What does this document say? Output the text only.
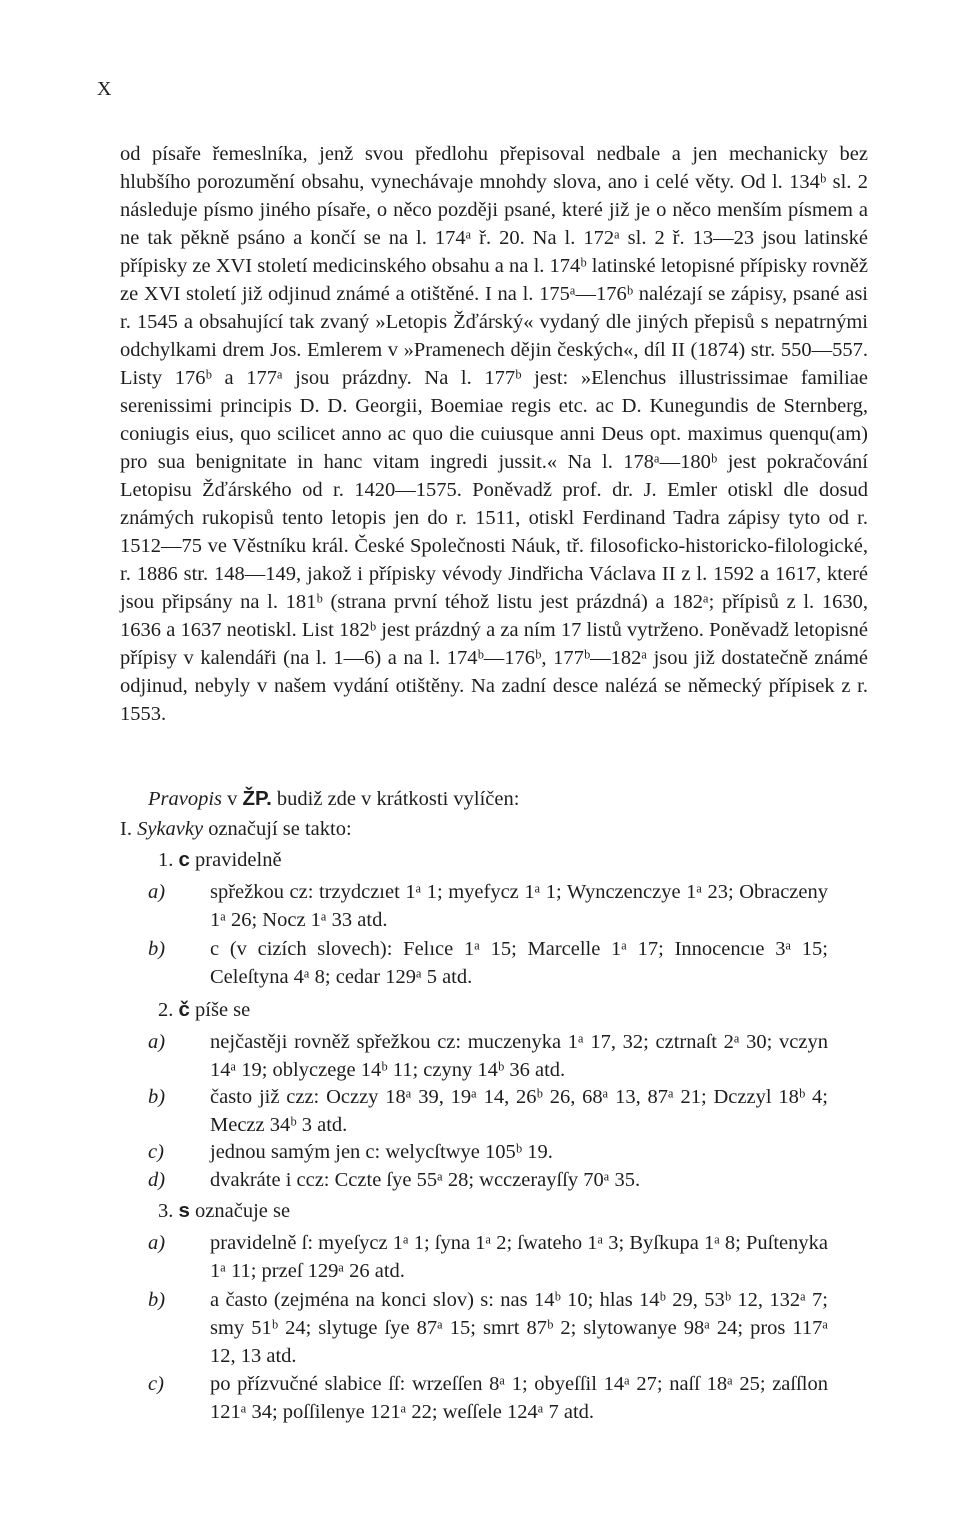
X

od písaře řemeslníka, jenž svou předlohu přepisoval nedbale a jen mechanicky bez hlubšího porozumění obsahu, vynechávaje mnohdy slova, ano i celé věty. Od l. 134ᵇ sl. 2 následuje písmo jiného písaře, o něco později psané, které již je o něco menším písmem a ne tak pěkně psáno a končí se na l. 174ᵃ ř. 20. Na l. 172ᵃ sl. 2 ř. 13—23 jsou latinské přípisky ze XVI století medicinského obsahu a na l. 174ᵇ latinské letopisné přípisky rovněž ze XVI století již odjinud známé a otištěné. I na l. 175ᵃ—176ᵇ nalézají se zápisy, psané asi r. 1545 a obsahující tak zvaný »Letopis Žďárský« vydaný dle jiných přepisů s nepatrnými odchylkami drem Jos. Emlerem v »Pramenech dějin českých«, díl II (1874) str. 550—557. Listy 176ᵇ a 177ᵃ jsou prázdny. Na l. 177ᵇ jest: »Elenchus illustrissimae familiae serenissimi principis D. D. Georgii, Boemiae regis etc. ac D. Kunegundis de Sternberg, coniugis eius, quo scilicet anno ac quo die cuiusque anni Deus opt. maximus quenqu(am) pro sua benignitate in hanc vitam ingredi jussit.« Na l. 178ᵃ—180ᵇ jest pokračování Letopisu Žďárského od r. 1420—1575. Poněvadž prof. dr. J. Emler otiskl dle dosud známých rukopisů tento letopis jen do r. 1511, otiskl Ferdinand Tadra zápisy tyto od r. 1512—75 ve Věstníku král. České Společnosti Náuk, tř. filosoficko-historicko-filologické, r. 1886 str. 148—149, jakož i přípisky vévody Jindřicha Václava II z l. 1592 a 1617, které jsou připsány na l. 181ᵇ (strana první téhož listu jest prázdná) a 182ᵃ; přípisů z l. 1630, 1636 a 1637 neotiskl. List 182ᵇ jest prázdný a za ním 17 listů vytrženo. Poněvadž letopisné přípisy v kalendáři (na l. 1—6) a na l. 174ᵇ—176ᵇ, 177ᵇ—182ᵃ jsou již dostatečně známé odjinud, nebyly v našem vydání otištěny. Na zadní desce nalézá se německý přípisek z r. 1553.

Pravopis v ŽP. budiž zde v krátkosti vylíčen:
I. Sykavky označují se takto:
1. c pravidelně
a) spřežkou cz: trzydczıet 1ᵃ 1; myefycz 1ᵃ 1; Wynczenczye 1ᵃ 23; Obraczeny 1ᵃ 26; Nocz 1ᵃ 33 atd.
b) c (v cizích slovech): Felıce 1ᵃ 15; Marcelle 1ᵃ 17; Innocencıe 3ᵃ 15; Celeſtyna 4ᵃ 8; cedar 129ᵃ 5 atd.
2. č píše se
a) nejčastěji rovněž spřežkou cz: muczenyka 1ᵃ 17, 32; cztrnaſt 2ᵃ 30; vczyn 14ᵃ 19; oblyczege 14ᵇ 11; czyny 14ᵇ 36 atd.
b) často již czz: Oczzy 18ᵃ 39, 19ᵃ 14, 26ᵇ 26, 68ᵃ 13, 87ᵃ 21; Dczzyl 18ᵇ 4; Meczz 34ᵇ 3 atd.
c) jednou samým jen c: welycſtwye 105ᵇ 19.
d) dvakráte i ccz: Cczte ſye 55ᵃ 28; wcczerayſſy 70ᵃ 35.
3. s označuje se
a) pravidelně ſ: myeſycz 1ᵃ 1; ſyna 1ᵃ 2; ſwateho 1ᵃ 3; Byſkupa 1ᵃ 8; Puſtenyka 1ᵃ 11; przeſ 129ᵃ 26 atd.
b) a často (zejména na konci slov) s: nas 14ᵇ 10; hlas 14ᵇ 29, 53ᵇ 12, 132ᵃ 7; smy 51ᵇ 24; slytuge ſye 87ᵃ 15; smrt 87ᵇ 2; slytowanye 98ᵃ 24; pros 117ᵃ 12, 13 atd.
c) po přízvučné slabice ſſ: wrzeſſen 8ᵃ 1; obyeſſil 14ᵃ 27; naſſ 18ᵃ 25; zaſſlon 121ᵃ 34; poſſilenye 121ᵃ 22; weſſele 124ᵃ 7 atd.
